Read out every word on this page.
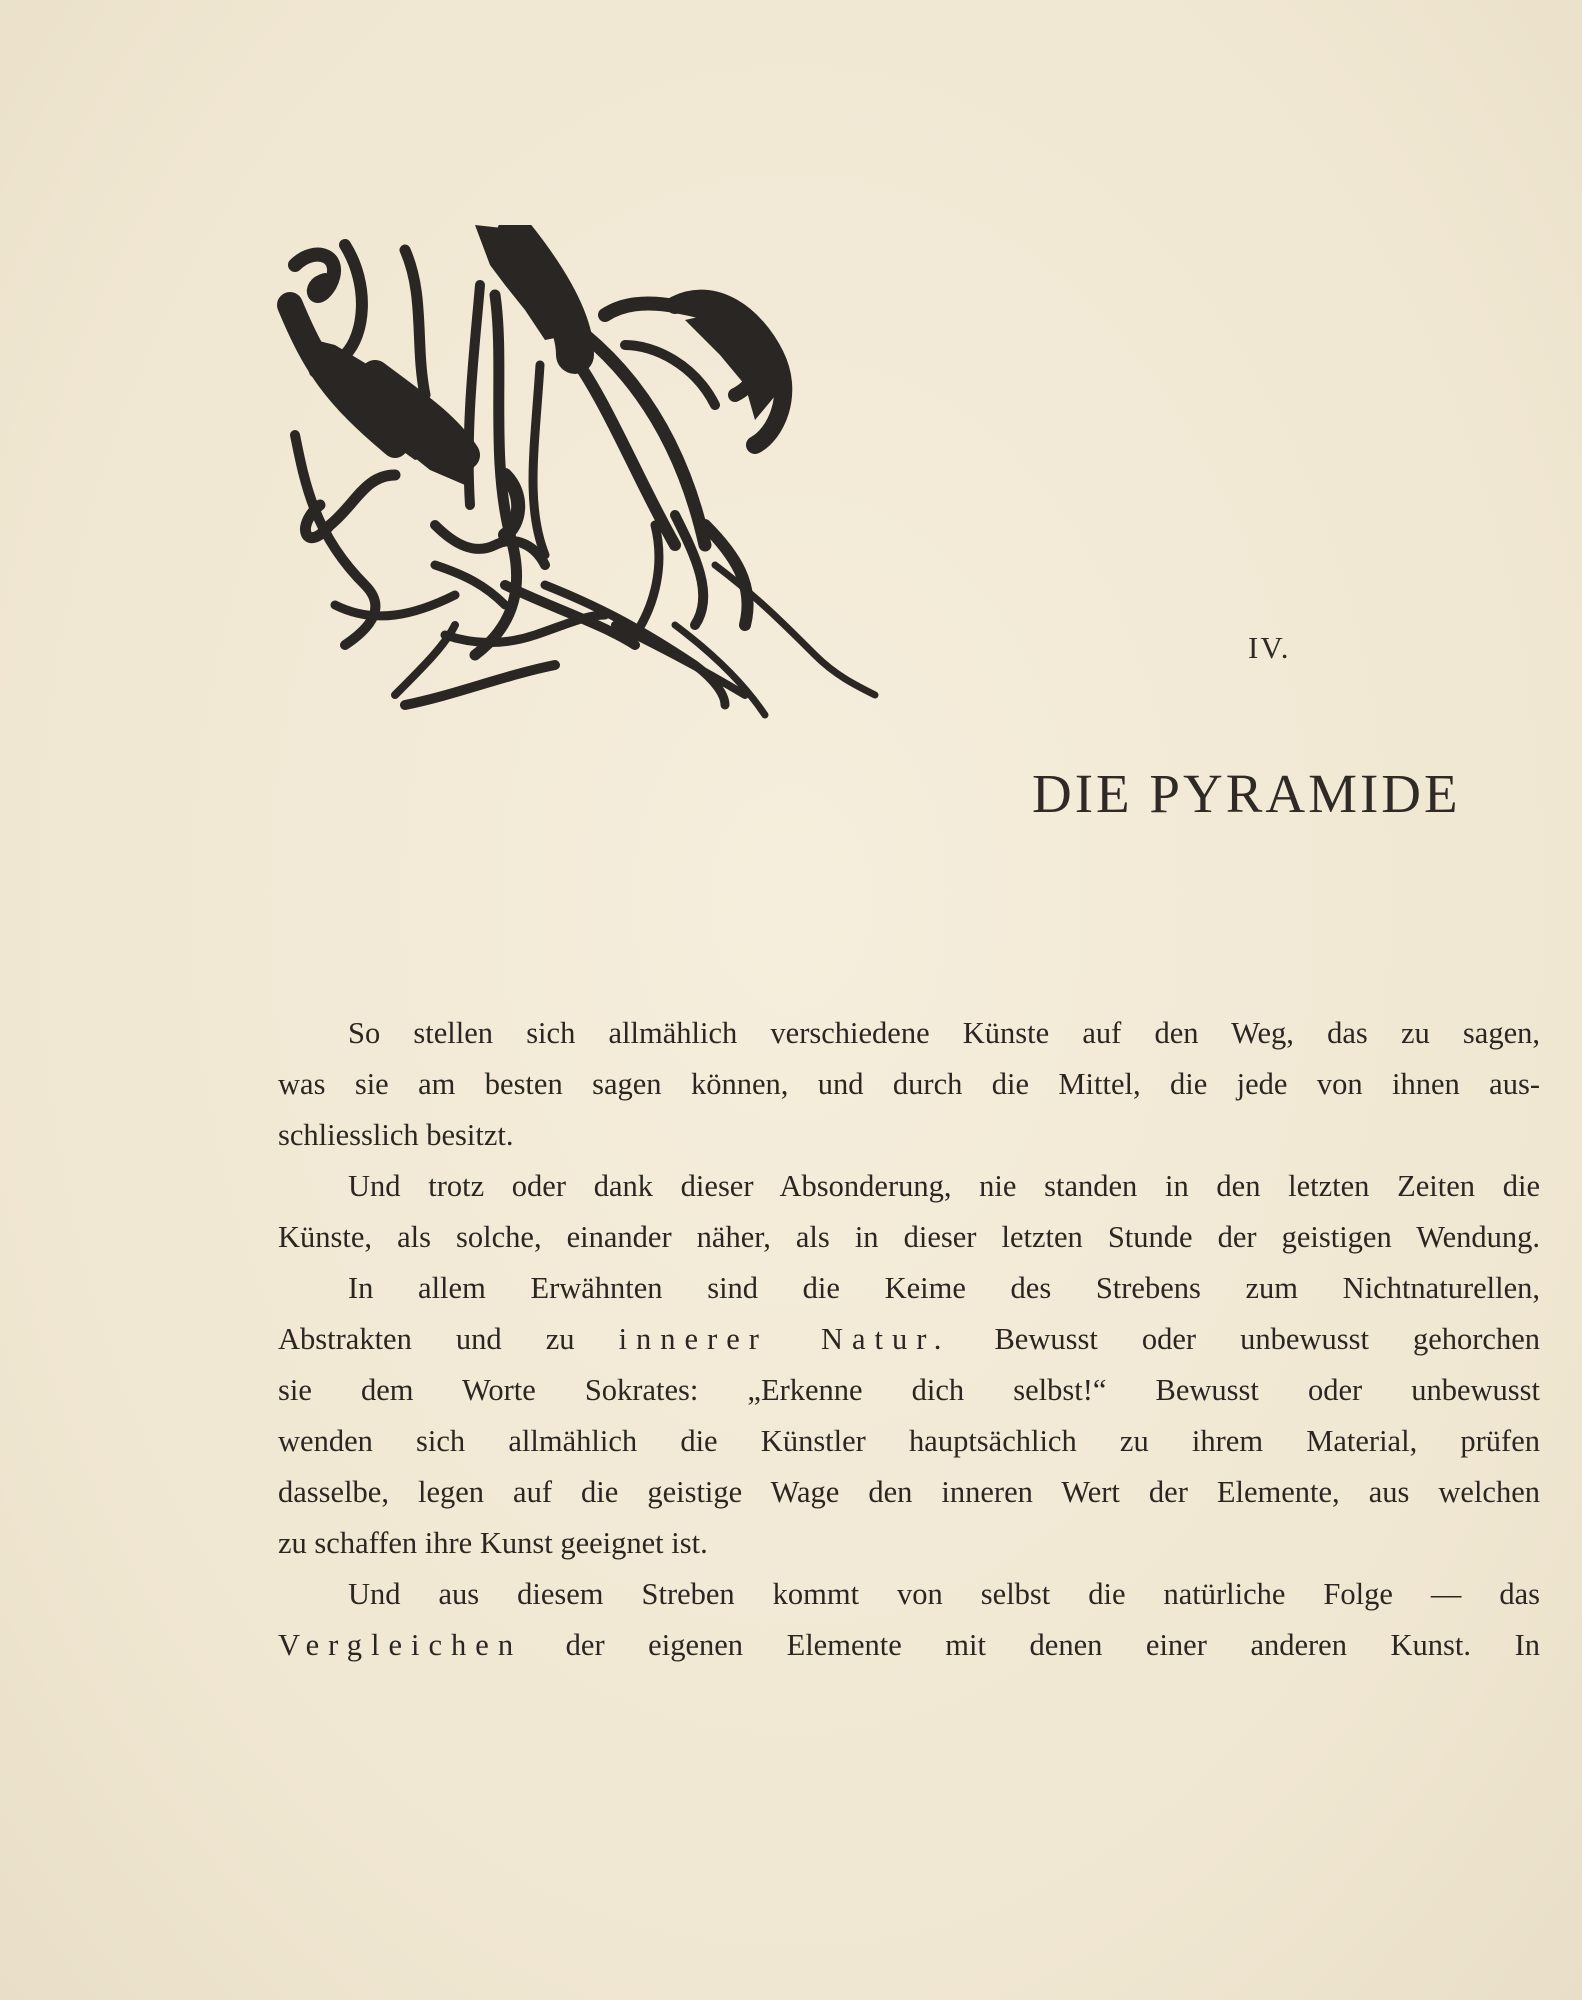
IV.
DIE PYRAMIDE
So stellen sich allmählich verschiedene Künste auf den Weg, das zu sagen,
was sie am besten sagen können, und durch die Mittel, die jede von ihnen aus-
schliesslich besitzt.
Und trotz oder dank dieser Absonderung, nie standen in den letzten Zeiten die
Künste, als solche, einander näher, als in dieser letzten Stunde der geistigen Wendung.
In allem Erwähnten sind die Keime des Strebens zum Nichtnaturellen,
Abstrakten und zu innerer Natur. Bewusst oder unbewusst gehorchen
sie dem Worte Sokrates: „Erkenne dich selbst!“ Bewusst oder unbewusst
wenden sich allmählich die Künstler hauptsächlich zu ihrem Material, prüfen
dasselbe, legen auf die geistige Wage den inneren Wert der Elemente, aus welchen
zu schaffen ihre Kunst geeignet ist.
Und aus diesem Streben kommt von selbst die natürliche Folge — das
Vergleichen der eigenen Elemente mit denen einer anderen Kunst. In
